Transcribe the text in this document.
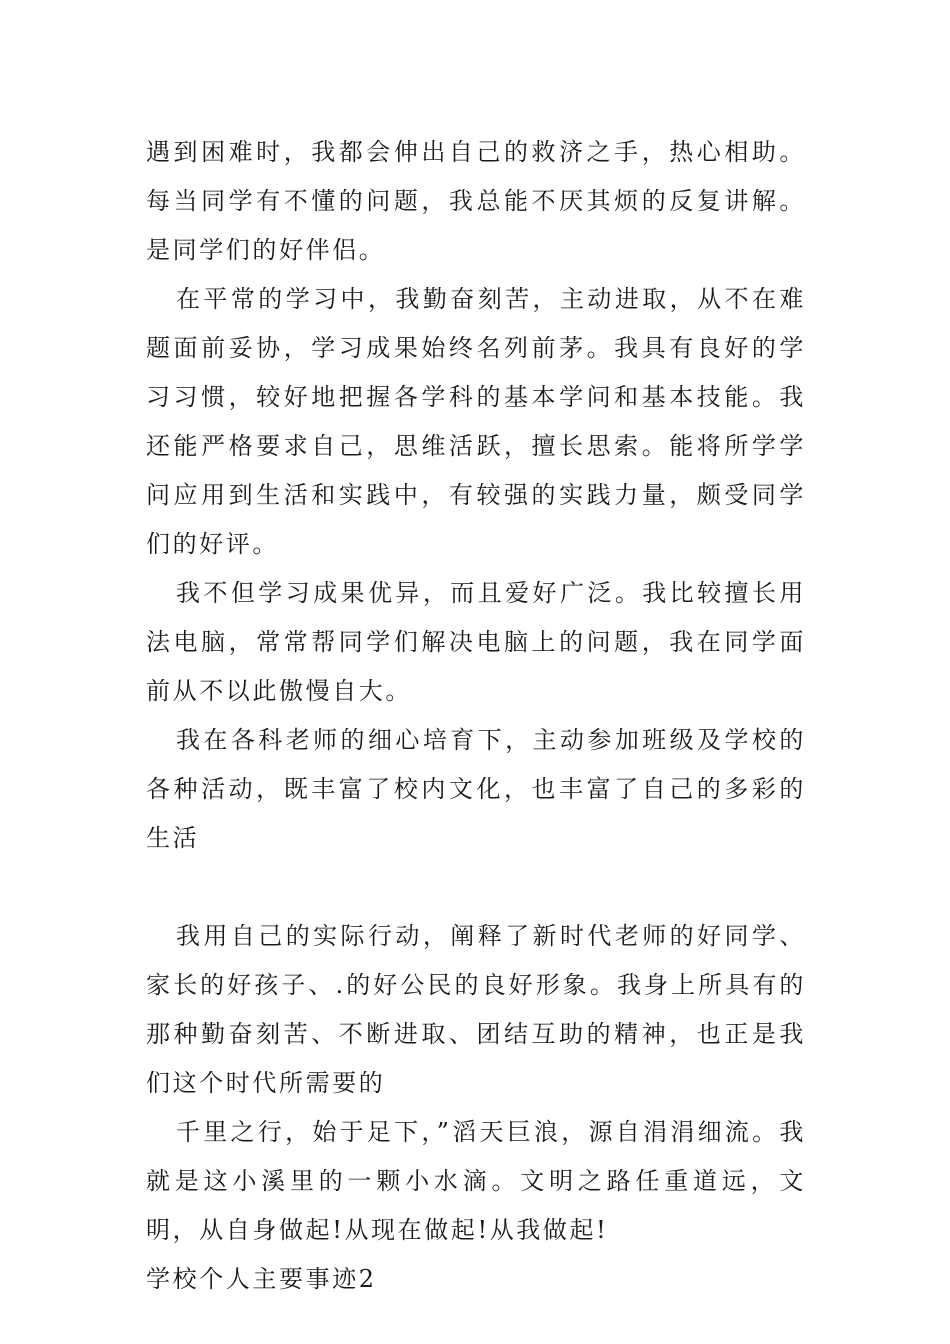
遇到困难时，我都会伸出自己的救济之手，热心相助。每当同学有不懂的问题，我总能不厌其烦的反复讲解。是同学们的好伴侣。

在平常的学习中，我勤奋刻苦，主动进取，从不在难题面前妥协，学习成果始终名列前茅。我具有良好的学习习惯，较好地把握各学科的基本学问和基本技能。我还能严格要求自己，思维活跃，擅长思索。能将所学学问应用到生活和实践中，有较强的实践力量，颇受同学们的好评。

我不但学习成果优异，而且爱好广泛。我比较擅长用法电脑，常常帮同学们解决电脑上的问题，我在同学面前从不以此傲慢自大。

我在各科老师的细心培育下，主动参加班级及学校的各种活动，既丰富了校内文化，也丰富了自己的多彩的生活

我用自己的实际行动，阐释了新时代老师的好同学、家长的好孩子、.的好公民的良好形象。我身上所具有的那种勤奋刻苦、不断进取、团结互助的精神，也正是我们这个时代所需要的

千里之行，始于足下，”滔天巨浪，源自涓涓细流。我就是这小溪里的一颗小水滴。文明之路任重道远，文明，从自身做起!从现在做起!从我做起!

学校个人主要事迹2
